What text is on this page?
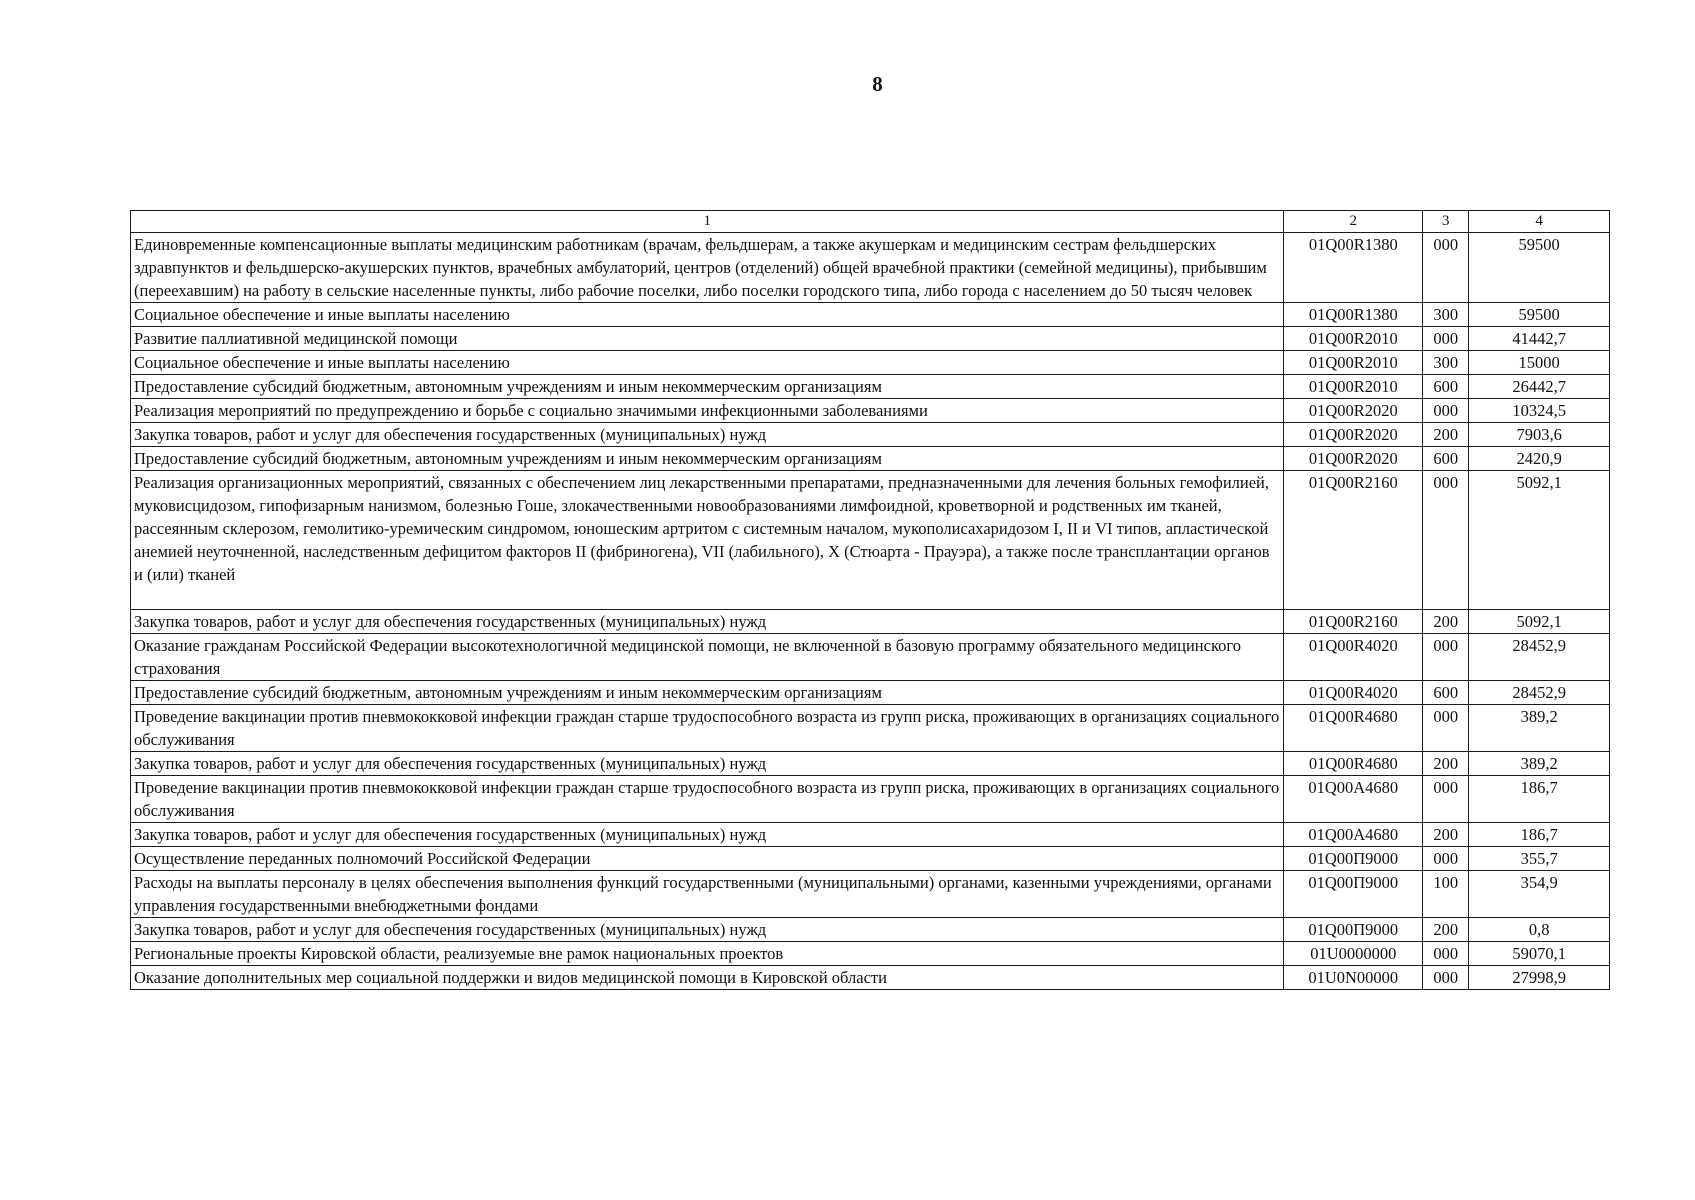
8
1	2	3	4
Единовременные компенсационные выплаты медицинским работникам (врачам, фельдшерам, а также акушеркам и медицинским сестрам фельдшерских здравпунктов и фельдшерско-акушерских пунктов, врачебных амбулаторий, центров (отделений) общей врачебной практики (семейной медицины), прибывшим (переехавшим) на работу в сельские населенные пункты, либо рабочие поселки, либо поселки городского типа, либо города с населением до 50 тысяч человек	01Q00R1380	000	59500
Социальное обеспечение и иные выплаты населению	01Q00R1380	300	59500
Развитие паллиативной медицинской помощи	01Q00R2010	000	41442,7
Социальное обеспечение и иные выплаты населению	01Q00R2010	300	15000
Предоставление субсидий бюджетным, автономным учреждениям и иным некоммерческим организациям	01Q00R2010	600	26442,7
Реализация мероприятий по предупреждению и борьбе с социально значимыми инфекционными заболеваниями	01Q00R2020	000	10324,5
Закупка товаров, работ и услуг для обеспечения государственных (муниципальных) нужд	01Q00R2020	200	7903,6
Предоставление субсидий бюджетным, автономным учреждениям и иным некоммерческим организациям	01Q00R2020	600	2420,9
Реализация организационных мероприятий, связанных с обеспечением лиц лекарственными препаратами, предназначенными для лечения больных гемофилией, муковисцидозом, гипофизарным нанизмом, болезнью Гоше, злокачественными новообразованиями лимфоидной, кроветворной и родственных им тканей, рассеянным склерозом, гемолитико-уремическим синдромом, юношеским артритом с системным началом, мукополисахаридозом I, II и VI типов, апластической анемией неуточненной, наследственным дефицитом факторов II (фибриногена), VII (лабильного), X (Стюарта - Прауэра), а также после трансплантации органов и (или) тканей	01Q00R2160	000	5092,1
Закупка товаров, работ и услуг для обеспечения государственных (муниципальных) нужд	01Q00R2160	200	5092,1
Оказание гражданам Российской Федерации высокотехнологичной медицинской помощи, не включенной в базовую программу обязательного медицинского страхования	01Q00R4020	000	28452,9
Предоставление субсидий бюджетным, автономным учреждениям и иным некоммерческим организациям	01Q00R4020	600	28452,9
Проведение вакцинации против пневмококковой инфекции граждан старше трудоспособного возраста из групп риска, проживающих в организациях социального обслуживания	01Q00R4680	000	389,2
Закупка товаров, работ и услуг для обеспечения государственных (муниципальных) нужд	01Q00R4680	200	389,2
Проведение вакцинации против пневмококковой инфекции граждан старше трудоспособного возраста из групп риска, проживающих в организациях социального обслуживания	01Q00A4680	000	186,7
Закупка товаров, работ и услуг для обеспечения государственных (муниципальных) нужд	01Q00A4680	200	186,7
Осуществление переданных полномочий Российской Федерации	01Q00П9000	000	355,7
Расходы на выплаты персоналу в целях обеспечения выполнения функций государственными (муниципальными) органами, казенными учреждениями, органами управления государственными внебюджетными фондами	01Q00П9000	100	354,9
Закупка товаров, работ и услуг для обеспечения государственных (муниципальных) нужд	01Q00П9000	200	0,8
Региональные проекты Кировской области, реализуемые вне рамок национальных проектов	01U0000000	000	59070,1
Оказание дополнительных мер социальной поддержки и видов медицинской помощи в Кировской области	01U0N00000	000	27998,9
